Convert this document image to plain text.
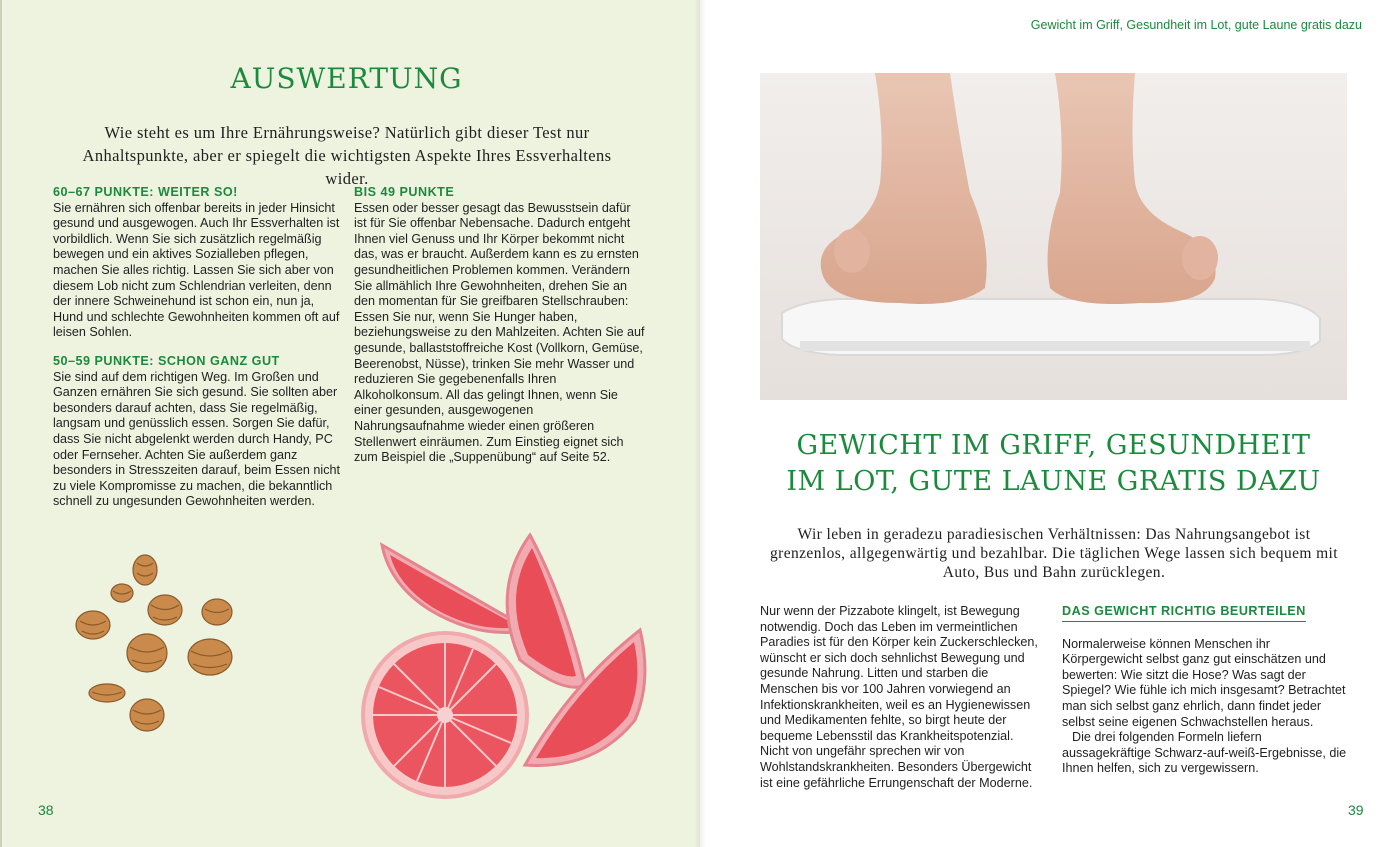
AUSWERTUNG
Wie steht es um Ihre Ernährungsweise? Natürlich gibt dieser Test nur Anhaltspunkte, aber er spiegelt die wichtigsten Aspekte Ihres Essverhaltens wider.
60–67 PUNKTE: WEITER SO!

Sie ernähren sich offenbar bereits in jeder Hinsicht gesund und ausgewogen. Auch Ihr Essverhalten ist vorbildlich. Wenn Sie sich zusätzlich regelmäßig bewegen und ein aktives Sozialleben pflegen, machen Sie alles richtig. Lassen Sie sich aber von diesem Lob nicht zum Schlendrian verleiten, denn der innere Schweinehund ist schon ein, nun ja, Hund und schlechte Gewohnheiten kommen oft auf leisen Sohlen.

50–59 PUNKTE: SCHON GANZ GUT

Sie sind auf dem richtigen Weg. Im Großen und Ganzen ernähren Sie sich gesund. Sie sollten aber besonders darauf achten, dass Sie regelmäßig, langsam und genüsslich essen. Sorgen Sie dafür, dass Sie nicht abgelenkt werden durch Handy, PC oder Fernseher. Achten Sie außerdem ganz besonders in Stresszeiten darauf, beim Essen nicht zu viele Kompromisse zu machen, die bekanntlich schnell zu ungesunden Gewohnheiten werden.

BIS 49 PUNKTE

Essen oder besser gesagt das Bewusstsein dafür ist für Sie offenbar Nebensache. Dadurch entgeht Ihnen viel Genuss und Ihr Körper bekommt nicht das, was er braucht. Außerdem kann es zu ernsten gesundheitlichen Problemen kommen. Verändern Sie allmählich Ihre Gewohnheiten, drehen Sie an den momentan für Sie greifbaren Stellschrauben: Essen Sie nur, wenn Sie Hunger haben, beziehungsweise zu den Mahlzeiten. Achten Sie auf gesunde, ballaststoffreiche Kost (Vollkorn, Gemüse, Beerenobst, Nüsse), trinken Sie mehr Wasser und reduzieren Sie gegebenenfalls Ihren Alkoholkonsum. All das gelingt Ihnen, wenn Sie einer gesunden, ausgewogenen Nahrungsaufnahme wieder einen größeren Stellenwert einräumen. Zum Einstieg eignet sich zum Beispiel die „Suppenübung“ auf Seite 52.

38
Gewicht im Griff, Gesundheit im Lot, gute Laune gratis dazu
GEWICHT IM GRIFF, GESUNDHEIT
IM LOT, GUTE LAUNE GRATIS DAZU
Wir leben in geradezu paradiesischen Verhältnissen: Das Nahrungsangebot ist grenzenlos, allgegenwärtig und bezahlbar. Die täglichen Wege lassen sich bequem mit Auto, Bus und Bahn zurücklegen.

Nur wenn der Pizzabote klingelt, ist Bewegung notwendig. Doch das Leben im vermeintlichen Paradies ist für den Körper kein Zuckerschlecken, wünscht er sich doch sehnlichst Bewegung und gesunde Nahrung. Litten und starben die Menschen bis vor 100 Jahren vorwiegend an Infektionskrankheiten, weil es an Hygienewissen und Medikamenten fehlte, so birgt heute der bequeme Lebensstil das Krankheitspotenzial. Nicht von ungefähr sprechen wir von Wohlstandskrankheiten. Besonders Übergewicht ist eine gefährliche Errungenschaft der Moderne.

DAS GEWICHT RICHTIG BEURTEILEN

Normalerweise können Menschen ihr Körpergewicht selbst ganz gut einschätzen und bewerten: Wie sitzt die Hose? Was sagt der Spiegel? Wie fühle ich mich insgesamt? Betrachtet man sich selbst ganz ehrlich, dann findet jeder selbst seine eigenen Schwachstellen heraus.

Die drei folgenden Formeln liefern aussagekräftige Schwarz-auf-weiß-Ergebnisse, die Ihnen helfen, sich zu vergewissern.

39
